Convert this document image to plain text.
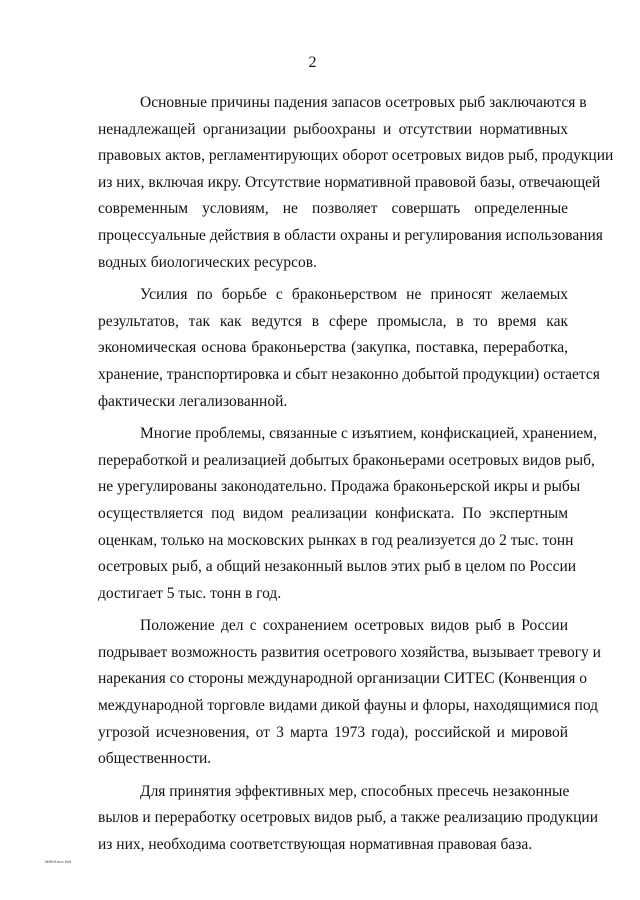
2
Основные причины падения запасов осетровых рыб заключаются в
ненадлежащей организации рыбоохраны и отсутствии нормативных
правовых актов, регламентирующих оборот осетровых видов рыб, продукции
из них, включая икру. Отсутствие нормативной правовой базы, отвечающей
современным условиям, не позволяет совершать определенные
процессуальные действия в области охраны и регулирования использования
водных биологических ресурсов.
Усилия по борьбе с браконьерством не приносят желаемых
результатов, так как ведутся в сфере промысла, в то время как
экономическая основа браконьерства (закупка, поставка, переработка,
хранение, транспортировка и сбыт незаконно добытой продукции) остается
фактически легализованной.
Многие проблемы, связанные с изъятием, конфискацией, хранением,
переработкой и реализацией добытых браконьерами осетровых видов рыб,
не урегулированы законодательно. Продажа браконьерской икры и рыбы
осуществляется под видом реализации конфиската. По экспертным
оценкам, только на московских рынках в год реализуется до 2 тыс. тонн
осетровых рыб, а общий незаконный вылов этих рыб в целом по России
достигает 5 тыс. тонн в год.
Положение дел с сохранением осетровых видов рыб в России
подрывает возможность развития осетрового хозяйства, вызывает тревогу и
нарекания со стороны международной организации СИТЕС (Конвенция о
международной торговле видами дикой фауны и флоры, находящимися под
угрозой исчезновения, от 3 марта 1973 года), российской и мировой
общественности.
Для принятия эффективных мер, способных пресечь незаконные
вылов и переработку осетровых видов рыб, а также реализацию продукции
из них, необходима соответствующая нормативная правовая база.
МИБ9.doc 645
